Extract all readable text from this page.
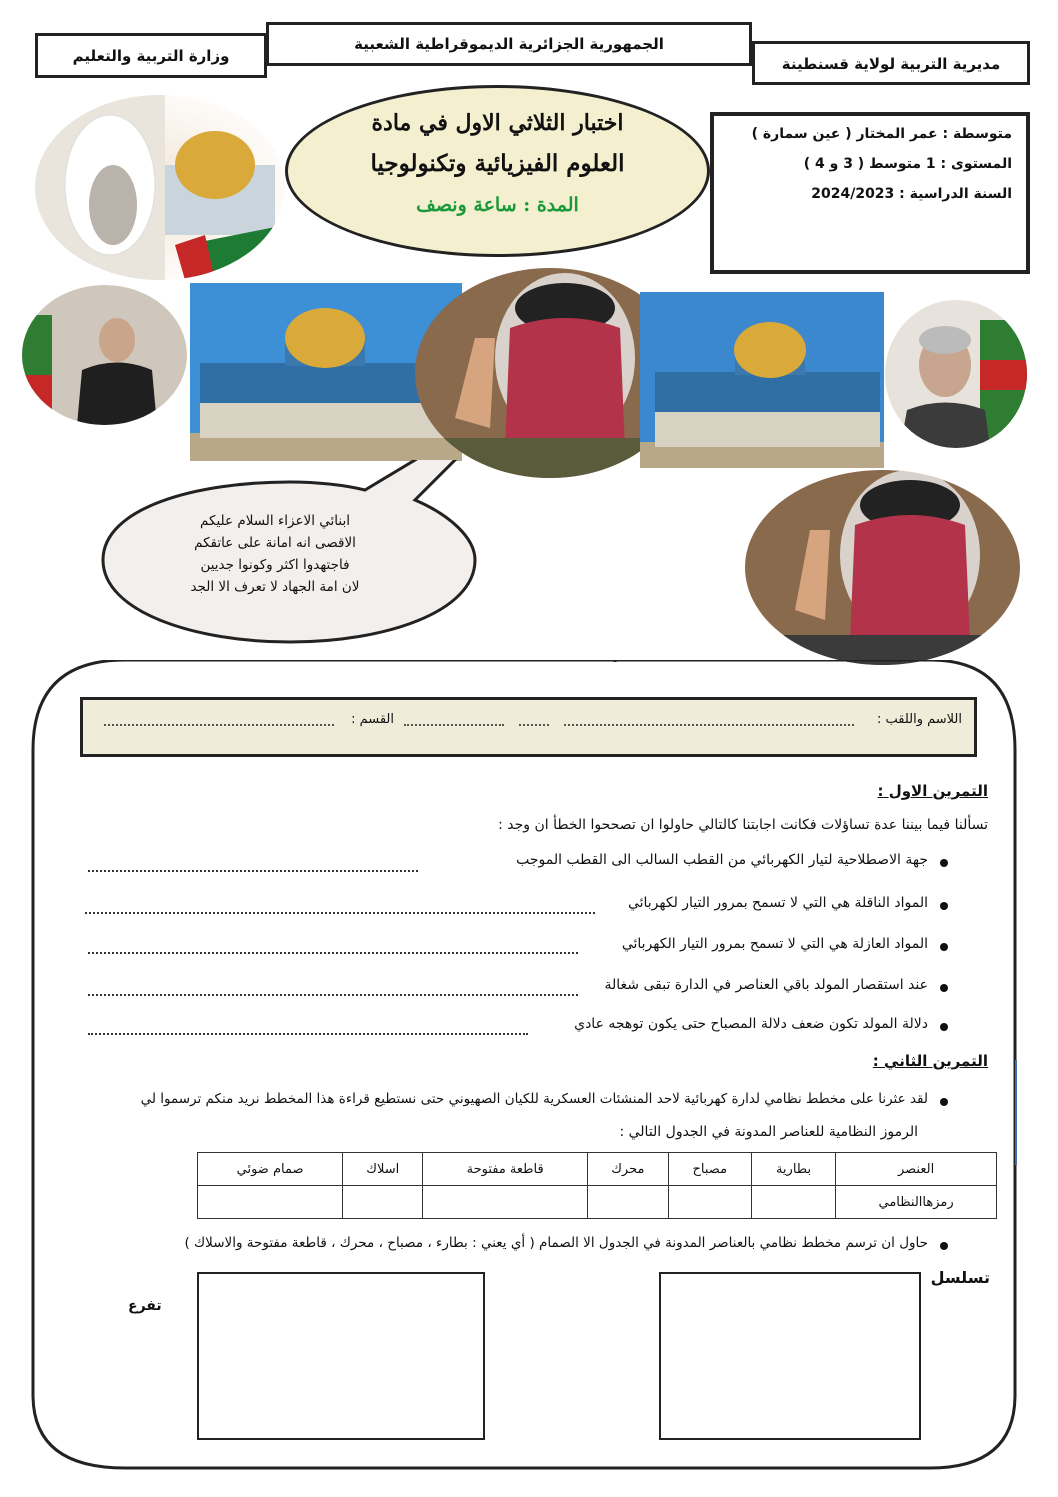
وزارة التربية والتعليم
الجمهورية الجزائرية الديموقراطية الشعبية
مديرية التربية لولاية قسنطينة
اختبار الثلاثي الاول في مادة
العلوم الفيزيائية وتكنولوجيا
المدة : ساعة ونصف
متوسطة : عمر المختار ( عين سمارة )
المستوى : 1 متوسط ( 3 و 4 )
السنة الدراسية : 2024/2023
ابنائي الاعزاء السلام عليكم
الاقصى انه امانة على عاتقكم
فاجتهدوا اكثر وكونوا جديين
لان امة الجهاد لا تعرف الا الجد
اللاسم واللقب :
القسم :
التمرين الاول :
تسألنا فيما بيننا عدة تساؤلات فكانت اجابتنا كالتالي حاولوا ان تصححوا الخطأ ان وجد :
جهة الاصطلاحية لتيار الكهربائي من القطب السالب الى القطب الموجب
المواد الناقلة هي التي لا تسمح بمرور التيار لكهربائي
المواد العازلة هي التي لا تسمح بمرور التيار الكهربائي
عند استقصار المولد باقي العناصر في الدارة تبقى شغالة
دلالة المولد تكون ضعف دلالة المصباح حتى يكون توهجه عادي
التمرين الثاني :
لقد عثرنا على مخطط نظامي لدارة كهربائية لاحد المنشئات العسكرية للكيان الصهيوني حتى نستطيع قراءة هذا المخطط نريد منكم ترسموا لي
الرموز النظامية للعناصر المدونة في الجدول التالي :
العنصر	بطارية	مصباح	محرك	قاطعة مفتوحة	اسلاك	صمام ضوئي
رمزهاالنظامي						
حاول ان ترسم مخطط نظامي بالعناصر المدونة في الجدول الا الصمام ( أي يعني : بطارء ، مصباح ، محرك ، قاطعة مفتوحة والاسلاك )
تسلسل
تفرع
